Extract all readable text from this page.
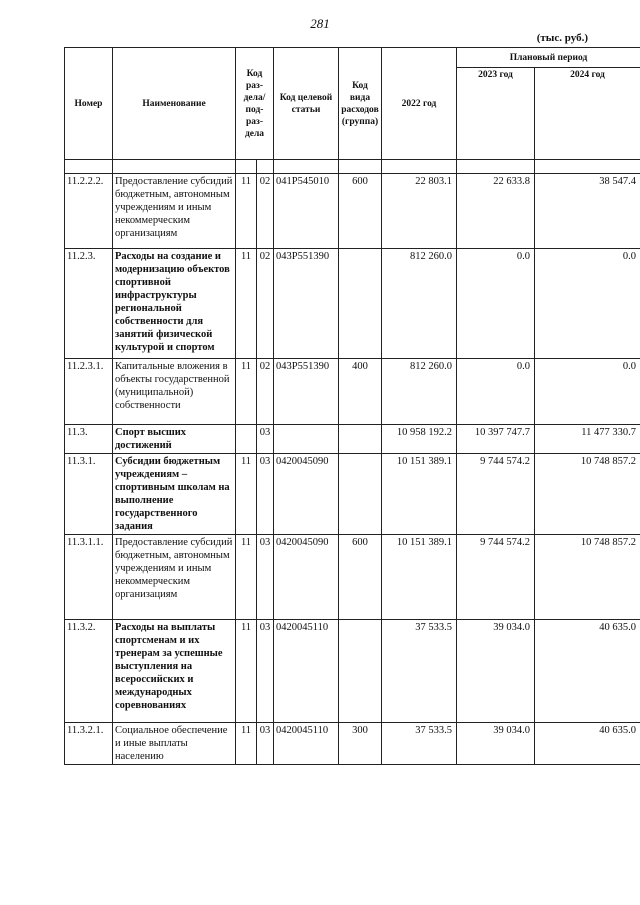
281
(тыс. руб.)
Номер	Наименование	Код раз-дела/ под-раз-дела		Код целевой статьи	Код вида расходов (группа)	2022 год	Плановый период	
							2023 год	2024 год

11.2.2.2.	Предоставление субсидий бюджетным, автономным учреждениям и иным некоммерческим организациям	11	02	041P545010	600	22 803.1	22 633.8	38 547.4
11.2.3.	Расходы на создание и модернизацию объектов спортивной инфраструктуры региональной собственности для занятий физической культурой и спортом	11	02	043P551390		812 260.0	0.0	0.0
11.2.3.1.	Капитальные вложения в объекты государственной (муниципальной) собственности	11	02	043P551390	400	812 260.0	0.0	0.0
11.3.	Спорт высших достижений		03			10 958 192.2	10 397 747.7	11 477 330.7
11.3.1.	Субсидии бюджетным учреждениям – спортивным школам на выполнение государственного задания	11	03	0420045090		10 151 389.1	9 744 574.2	10 748 857.2
11.3.1.1.	Предоставление субсидий бюджетным, автономным учреждениям и иным некоммерческим организациям	11	03	0420045090	600	10 151 389.1	9 744 574.2	10 748 857.2
11.3.2.	Расходы на выплаты спортсменам и их тренерам за успешные выступления на всероссийских и международных соревнованиях	11	03	0420045110		37 533.5	39 034.0	40 635.0
11.3.2.1.	Социальное обеспечение и иные выплаты населению	11	03	0420045110	300	37 533.5	39 034.0	40 635.0
